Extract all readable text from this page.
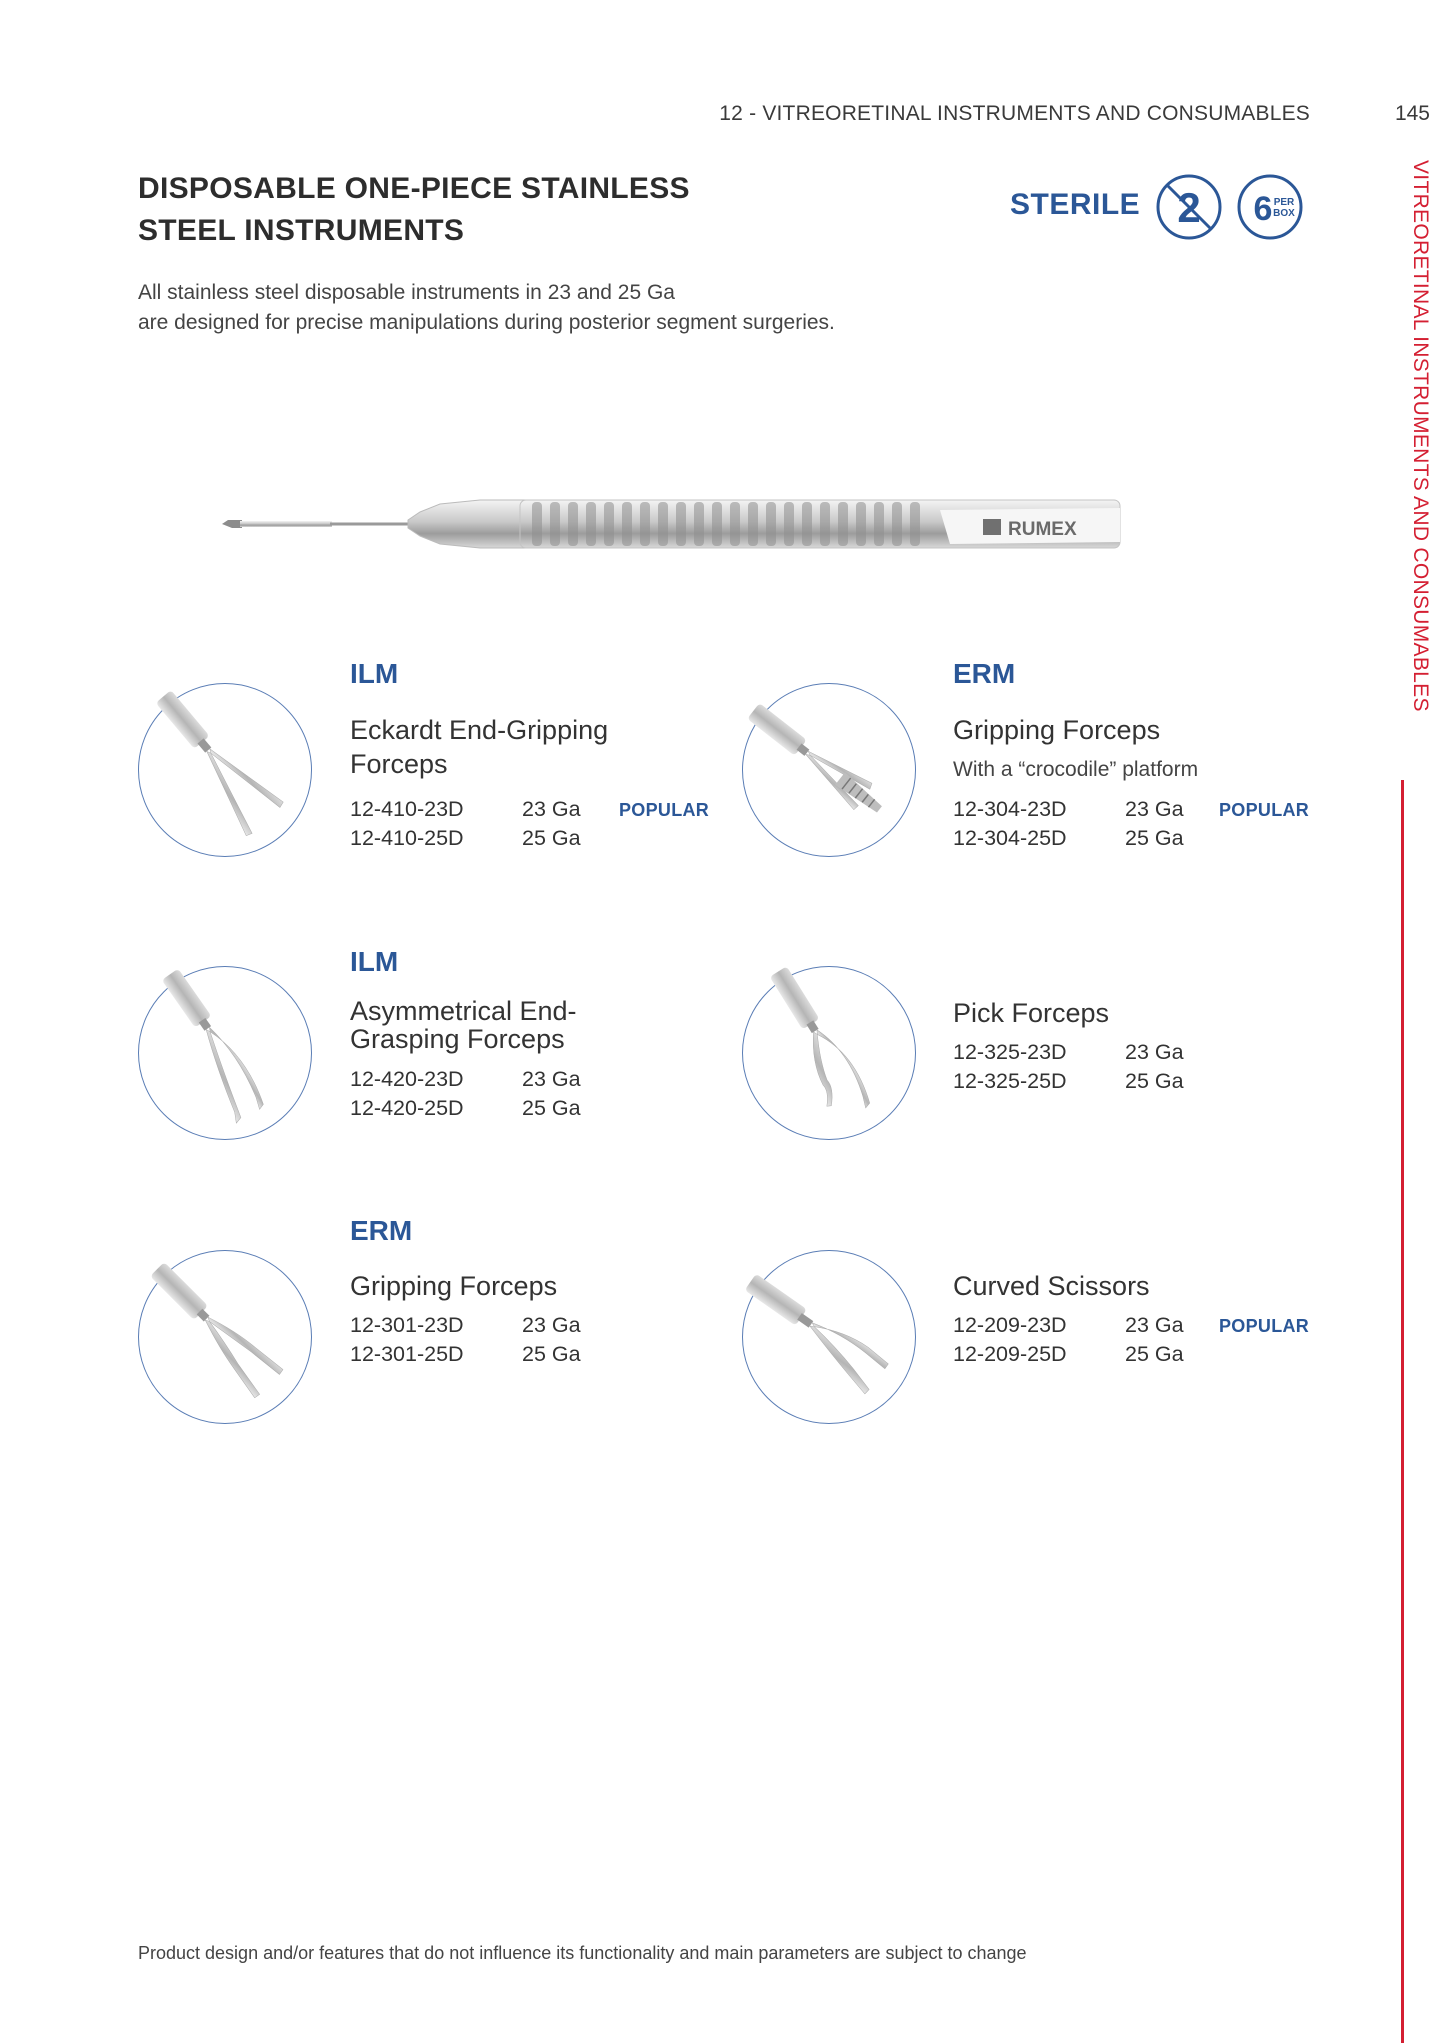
12 - VITREORETINAL INSTRUMENTS AND CONSUMABLES	145
VITREORETINAL INSTRUMENTS AND CONSUMABLES
DISPOSABLE ONE-PIECE STAINLESS
STEEL INSTRUMENTS
STERILE 2 6 PER
BOX
All stainless steel disposable instruments in 23 and 25 Ga
are designed for precise manipulations during posterior segment surgeries.
RUMEX
ILM
Eckardt End-Gripping
Forceps
12-410-23D	23 Ga POPULAR
12-410-25D	25 Ga
ERM
Gripping Forceps
With a “crocodile” platform
12-304-23D	23 Ga POPULAR
12-304-25D	25 Ga
ILM
Asymmetrical End-
Grasping Forceps
12-420-23D	23 Ga
12-420-25D	25 Ga
Pick Forceps
12-325-23D	23 Ga
12-325-25D	25 Ga
ERM
Gripping Forceps
12-301-23D	23 Ga
12-301-25D	25 Ga
Curved Scissors
12-209-23D	23 Ga POPULAR
12-209-25D	25 Ga
Product design and/or features that do not influence its functionality and main parameters are subject to change
